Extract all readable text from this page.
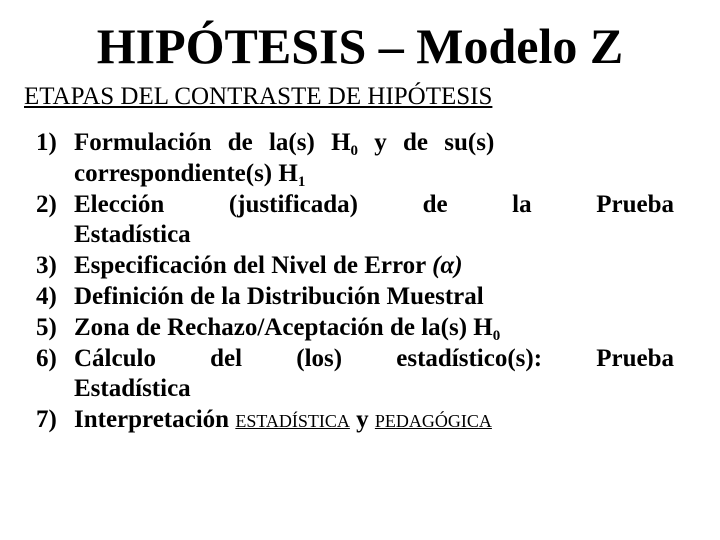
HIPÓTESIS – Modelo Z
ETAPAS DEL CONTRASTE DE HIPÓTESIS
1) Formulación de la(s) $H_0$ y de su(s)
correspondiente(s) $H_1$
2) Elección (justificada) de la Prueba
Estadística
3) Especificación del Nivel de Error (α)
4) Definición de la Distribución Muestral
5) Zona de Rechazo/Aceptación de la(s) $H_0$
6) Cálculo del (los) estadístico(s): Prueba
Estadística
7) Interpretación ESTADÍSTICA y PEDAGÓGICA
